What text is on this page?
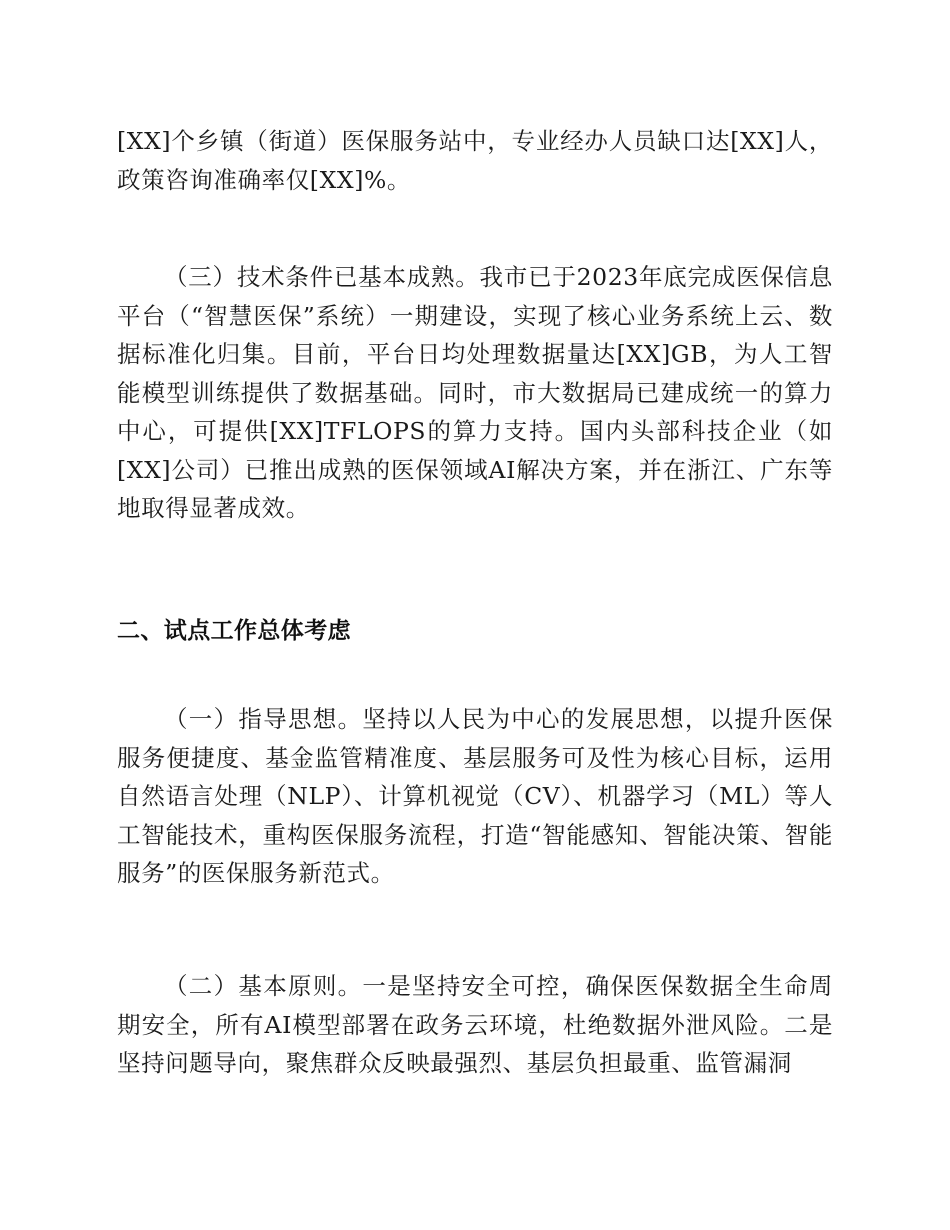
[XX]个乡镇（街道）医保服务站中，专业经办人员缺口达[XX]人，政策咨询准确率仅[XX]%。

（三）技术条件已基本成熟。我市已于2023年底完成医保信息平台（“智慧医保”系统）一期建设，实现了核心业务系统上云、数据标准化归集。目前，平台日均处理数据量达[XX]GB，为人工智能模型训练提供了数据基础。同时，市大数据局已建成统一的算力中心，可提供[XX]TFLOPS的算力支持。国内头部科技企业（如[XX]公司）已推出成熟的医保领域AI解决方案，并在浙江、广东等地取得显著成效。

二、试点工作总体考虑

（一）指导思想。坚持以人民为中心的发展思想，以提升医保服务便捷度、基金监管精准度、基层服务可及性为核心目标，运用自然语言处理（NLP）、计算机视觉（CV）、机器学习（ML）等人工智能技术，重构医保服务流程，打造“智能感知、智能决策、智能服务”的医保服务新范式。

（二）基本原则。一是坚持安全可控，确保医保数据全生命周期安全，所有AI模型部署在政务云环境，杜绝数据外泄风险。二是坚持问题导向，聚焦群众反映最强烈、基层负担最重、监管漏洞
